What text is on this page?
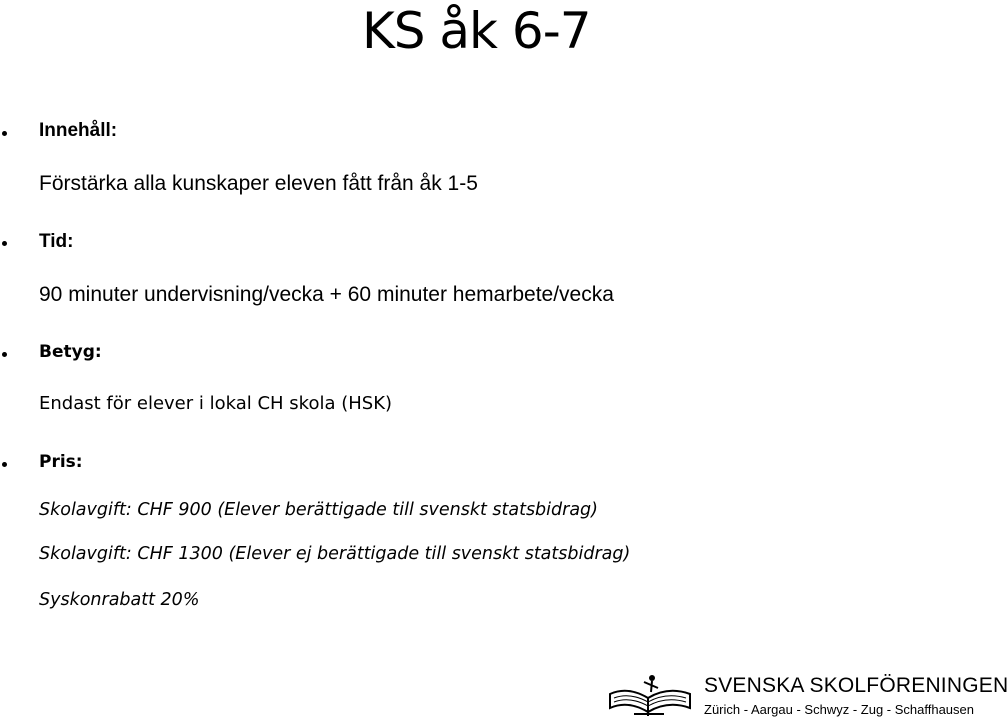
KS åk 6-7
Innehåll:
Förstärka alla kunskaper eleven fått från åk 1-5
Tid:
90 minuter undervisning/vecka + 60 minuter hemarbete/vecka
Betyg:
Endast för elever i lokal CH skola (HSK)
Pris:
Skolavgift: CHF 900 (Elever berättigade till svenskt statsbidrag)
Skolavgift: CHF 1300 (Elever ej berättigade till svenskt statsbidrag)
Syskonrabatt 20%
SVENSKA SKOLFÖRENINGEN
Zürich - Aargau - Schwyz - Zug - Schaffhausen
